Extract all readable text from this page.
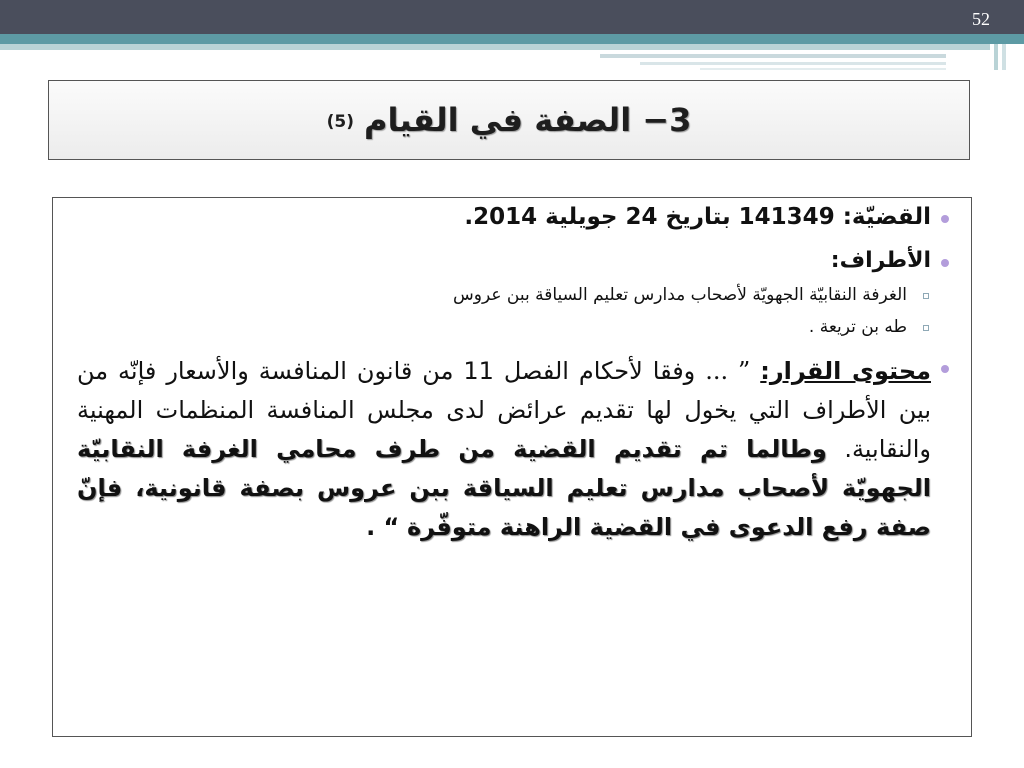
52
3− الصفة في القيام
(5)
القضيّة: 141349 بتاريخ 24 جويلية 2014.
الأطراف:
الغرفة النقابيّة الجهويّة لأصحاب مدارس تعليم السياقة ببن عروس
طه بن تريعة .
محتوى القرار: ” ... وفقا لأحكام الفصل 11 من قانون المنافسة والأسعار فإنّه من بين الأطراف التي يخول لها تقديم عرائض لدى مجلس المنافسة المنظمات المهنية والنقابية. وطالما تم تقديم القضية من طرف محامي الغرفة النقابيّة الجهويّة لأصحاب مدارس تعليم السياقة ببن عروس بصفة قانونية، فإنّ صفة رفع الدعوى في القضية الراهنة متوفّرة “ .
